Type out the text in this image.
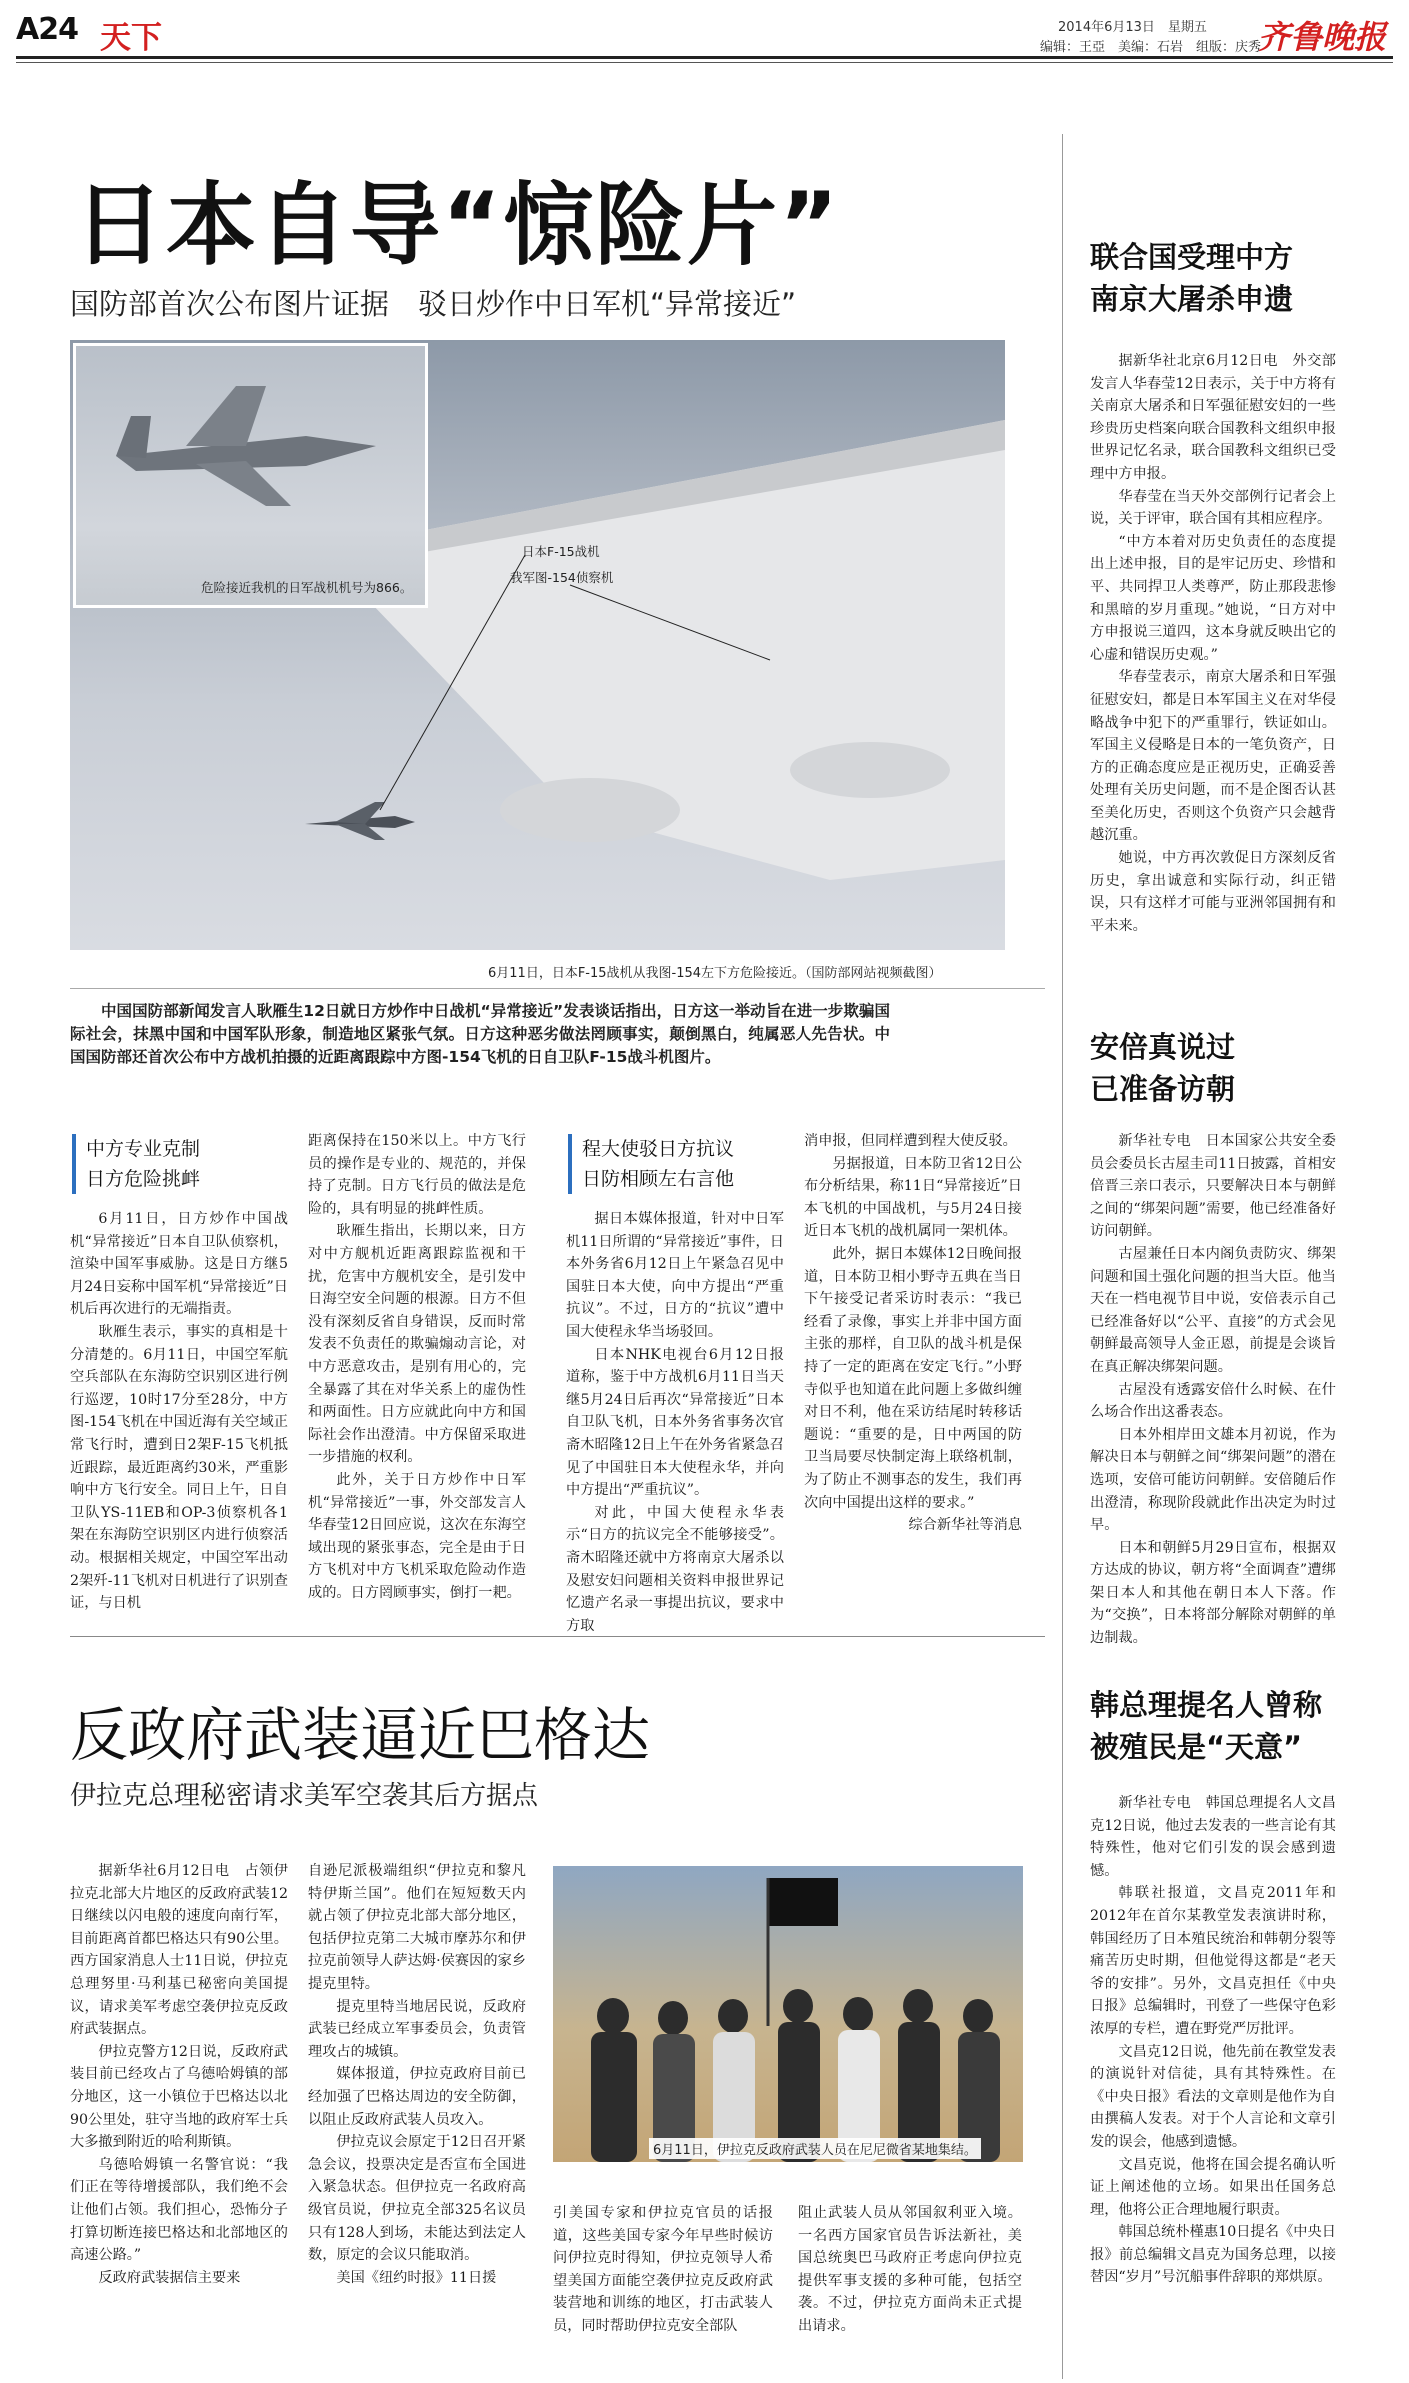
A24 天下	2014年6月13日　星期五
编辑：王亞　美编：石岩　组版：庆秀
齐鲁晚报
日本自导“惊险片”
国防部首次公布图片证据　驳日炒作中日军机“异常接近”
危险接近我机的日军战机机号为866。
日本F-15战机
我军图-154侦察机
6月11日，日本F-15战机从我图-154左下方危险接近。（国防部网站视频截图）
中国国防部新闻发言人耿雁生12日就日方炒作中日战机“异常接近”发表谈话指出，日方这一举动旨在进一步欺骗国际社会，抹黑中国和中国军队形象，制造地区紧张气氛。日方这种恶劣做法罔顾事实，颠倒黑白，纯属恶人先告状。中国国防部还首次公布中方战机拍摄的近距离跟踪中方图-154飞机的日自卫队F-15战斗机图片。
中方专业克制
日方危险挑衅
程大使驳日方抗议
日防相顾左右言他

6月11日，日方炒作中国战机“异常接近”日本自卫队侦察机，渲染中国军事威胁。这是日方继5月24日妄称中国军机“异常接近”日机后再次进行的无端指责。

耿雁生表示，事实的真相是十分清楚的。6月11日，中国空军航空兵部队在东海防空识别区进行例行巡逻，10时17分至28分，中方图-154飞机在中国近海有关空域正常飞行时，遭到日2架F-15飞机抵近跟踪，最近距离约30米，严重影响中方飞行安全。同日上午，日自卫队YS-11EB和OP-3侦察机各1架在东海防空识别区内进行侦察活动。根据相关规定，中国空军出动2架歼-11飞机对日机进行了识别查证，与日机

距离保持在150米以上。中方飞行员的操作是专业的、规范的，并保持了克制。日方飞行员的做法是危险的，具有明显的挑衅性质。

耿雁生指出，长期以来，日方对中方舰机近距离跟踪监视和干扰，危害中方舰机安全，是引发中日海空安全问题的根源。日方不但没有深刻反省自身错误，反而时常发表不负责任的欺骗煽动言论，对中方恶意攻击，是别有用心的，完全暴露了其在对华关系上的虚伪性和两面性。日方应就此向中方和国际社会作出澄清。中方保留采取进一步措施的权利。

此外，关于日方炒作中日军机“异常接近”一事，外交部发言人华春莹12日回应说，这次在东海空域出现的紧张事态，完全是由于日方飞机对中方飞机采取危险动作造成的。日方罔顾事实，倒打一耙。

据日本媒体报道，针对中日军机11日所谓的“异常接近”事件，日本外务省6月12日上午紧急召见中国驻日本大使，向中方提出“严重抗议”。不过，日方的“抗议”遭中国大使程永华当场驳回。

日本NHK电视台6月12日报道称，鉴于中方战机6月11日当天继5月24日后再次“异常接近”日本自卫队飞机，日本外务省事务次官斋木昭隆12日上午在外务省紧急召见了中国驻日本大使程永华，并向中方提出“严重抗议”。

对此，中国大使程永华表示“日方的抗议完全不能够接受”。斋木昭隆还就中方将南京大屠杀以及慰安妇问题相关资料申报世界记忆遗产名录一事提出抗议，要求中方取

消申报，但同样遭到程大使反驳。

另据报道，日本防卫省12日公布分析结果，称11日“异常接近”日本飞机的中国战机，与5月24日接近日本飞机的战机属同一架机体。

此外，据日本媒体12日晚间报道，日本防卫相小野寺五典在当日下午接受记者采访时表示：“我已经看了录像，事实上并非中国方面主张的那样，自卫队的战斗机是保持了一定的距离在安定飞行。”小野寺似乎也知道在此问题上多做纠缠对日不利，他在采访结尾时转移话题说：“重要的是，日中两国的防卫当局要尽快制定海上联络机制，为了防止不测事态的发生，我们再次向中国提出这样的要求。”

综合新华社等消息

联合国受理中方
南京大屠杀申遗

据新华社北京6月12日电　外交部发言人华春莹12日表示，关于中方将有关南京大屠杀和日军强征慰安妇的一些珍贵历史档案向联合国教科文组织申报世界记忆名录，联合国教科文组织已受理中方申报。

华春莹在当天外交部例行记者会上说，关于评审，联合国有其相应程序。

“中方本着对历史负责任的态度提出上述申报，目的是牢记历史、珍惜和平、共同捍卫人类尊严，防止那段悲惨和黑暗的岁月重现。”她说，“日方对中方申报说三道四，这本身就反映出它的心虚和错误历史观。”

华春莹表示，南京大屠杀和日军强征慰安妇，都是日本军国主义在对华侵略战争中犯下的严重罪行，铁证如山。军国主义侵略是日本的一笔负资产，日方的正确态度应是正视历史，正确妥善处理有关历史问题，而不是企图否认甚至美化历史，否则这个负资产只会越背越沉重。

她说，中方再次敦促日方深刻反省历史，拿出诚意和实际行动，纠正错误，只有这样才可能与亚洲邻国拥有和平未来。

安倍真说过
已准备访朝

新华社专电　日本国家公共安全委员会委员长古屋圭司11日披露，首相安倍晋三亲口表示，只要解决日本与朝鲜之间的“绑架问题”需要，他已经准备好访问朝鲜。

古屋兼任日本内阁负责防灾、绑架问题和国土强化问题的担当大臣。他当天在一档电视节目中说，安倍表示自己已经准备好以“公平、直接”的方式会见朝鲜最高领导人金正恩，前提是会谈旨在真正解决绑架问题。

古屋没有透露安倍什么时候、在什么场合作出这番表态。

日本外相岸田文雄本月初说，作为解决日本与朝鲜之间“绑架问题”的潜在选项，安倍可能访问朝鲜。安倍随后作出澄清，称现阶段就此作出决定为时过早。

日本和朝鲜5月29日宣布，根据双方达成的协议，朝方将“全面调查”遭绑架日本人和其他在朝日本人下落。作为“交换”，日本将部分解除对朝鲜的单边制裁。

反政府武装逼近巴格达
伊拉克总理秘密请求美军空袭其后方据点

据新华社6月12日电　占领伊拉克北部大片地区的反政府武装12日继续以闪电般的速度向南行军，目前距离首都巴格达只有90公里。西方国家消息人士11日说，伊拉克总理努里·马利基已秘密向美国提议，请求美军考虑空袭伊拉克反政府武装据点。

伊拉克警方12日说，反政府武装目前已经攻占了乌德哈姆镇的部分地区，这一小镇位于巴格达以北90公里处，驻守当地的政府军士兵大多撤到附近的哈利斯镇。

乌德哈姆镇一名警官说：“我们正在等待增援部队，我们绝不会让他们占领。我们担心，恐怖分子打算切断连接巴格达和北部地区的高速公路。”

反政府武装据信主要来

自逊尼派极端组织“伊拉克和黎凡特伊斯兰国”。他们在短短数天内就占领了伊拉克北部大部分地区，包括伊拉克第二大城市摩苏尔和伊拉克前领导人萨达姆·侯赛因的家乡提克里特。

提克里特当地居民说，反政府武装已经成立军事委员会，负责管理攻占的城镇。

媒体报道，伊拉克政府目前已经加强了巴格达周边的安全防御，以阻止反政府武装人员攻入。

伊拉克议会原定于12日召开紧急会议，投票决定是否宣布全国进入紧急状态。但伊拉克一名政府高级官员说，伊拉克全部325名议员只有128人到场，未能达到法定人数，原定的会议只能取消。

美国《纽约时报》11日援

6月11日，伊拉克反政府武装人员在尼尼微省某地集结。

引美国专家和伊拉克官员的话报道，这些美国专家今年早些时候访问伊拉克时得知，伊拉克领导人希望美国方面能空袭伊拉克反政府武装营地和训练的地区，打击武装人员，同时帮助伊拉克安全部队

阻止武装人员从邻国叙利亚入境。一名西方国家官员告诉法新社，美国总统奥巴马政府正考虑向伊拉克提供军事支援的多种可能，包括空袭。不过，伊拉克方面尚未正式提出请求。

韩总理提名人曾称
被殖民是“天意”

新华社专电　韩国总理提名人文昌克12日说，他过去发表的一些言论有其特殊性，他对它们引发的误会感到遗憾。

韩联社报道，文昌克2011年和2012年在首尔某教堂发表演讲时称，韩国经历了日本殖民统治和韩朝分裂等痛苦历史时期，但他觉得这都是“老天爷的安排”。另外，文昌克担任《中央日报》总编辑时，刊登了一些保守色彩浓厚的专栏，遭在野党严厉批评。

文昌克12日说，他先前在教堂发表的演说针对信徒，具有其特殊性。在《中央日报》看法的文章则是他作为自由撰稿人发表。对于个人言论和文章引发的误会，他感到遗憾。

文昌克说，他将在国会提名确认听证上阐述他的立场。如果出任国务总理，他将公正合理地履行职责。

韩国总统朴槿惠10日提名《中央日报》前总编辑文昌克为国务总理，以接替因“岁月”号沉船事件辞职的郑烘原。
